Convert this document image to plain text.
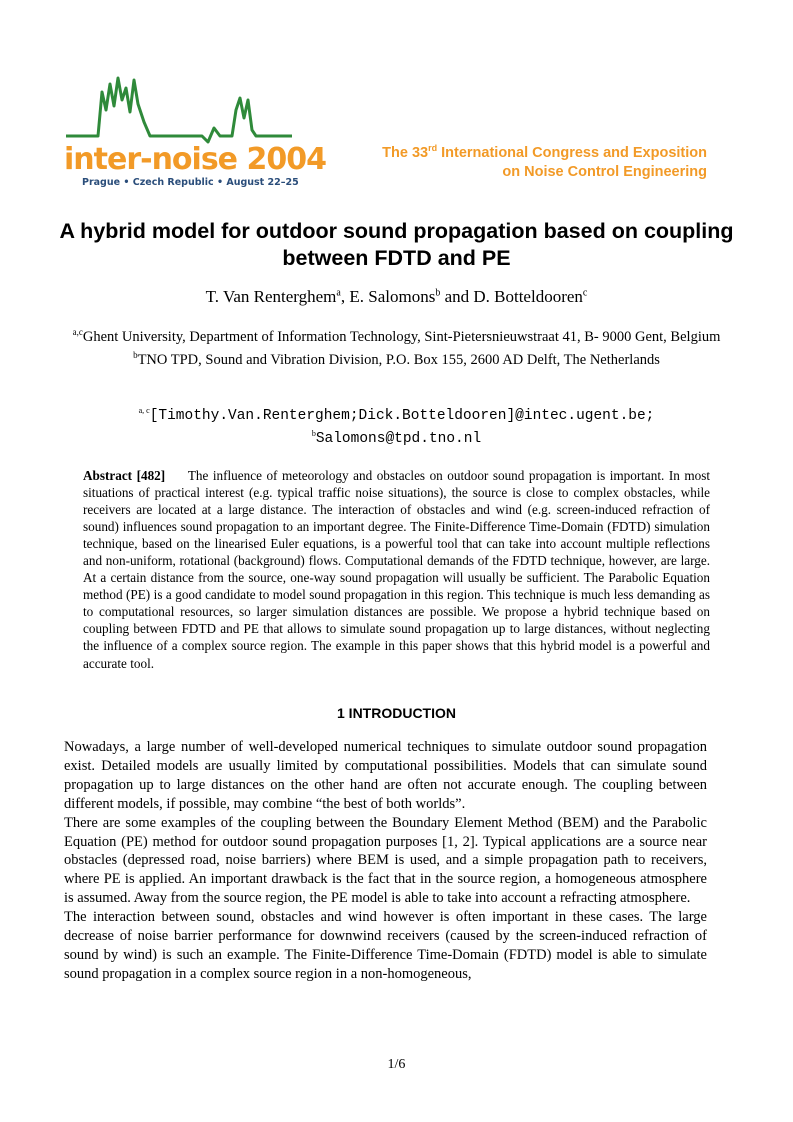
inter-noise 2004
Prague • Czech Republic • August 22–25
The 33rd International Congress and Exposition
on Noise Control Engineering
A hybrid model for outdoor sound propagation based on coupling between FDTD and PE
T. Van Renterghem$^a$, E. Salomons$^b$ and D. Botteldooren$^c$
$^{a,c}$Ghent University, Department of Information Technology, Sint-Pietersnieuwstraat 41, B- 9000 Gent, Belgium
$^b$TNO TPD, Sound and Vibration Division, P.O. Box 155, 2600 AD Delft, The Netherlands
$^{a, c}$[Timothy.Van.Renterghem;Dick.Botteldooren]@intec.ugent.be;
$^b$Salomons@tpd.tno.nl
Abstract [482] The influence of meteorology and obstacles on outdoor sound propagation is important. In most situations of practical interest (e.g. typical traffic noise situations), the source is close to complex obstacles, while receivers are located at a large distance. The interaction of obstacles and wind (e.g. screen-induced refraction of sound) influences sound propagation to an important degree. The Finite-Difference Time-Domain (FDTD) simulation technique, based on the linearised Euler equations, is a powerful tool that can take into account multiple reflections and non-uniform, rotational (background) flows. Computational demands of the FDTD technique, however, are large. At a certain distance from the source, one-way sound propagation will usually be sufficient. The Parabolic Equation method (PE) is a good candidate to model sound propagation in this region. This technique is much less demanding as to computational resources, so larger simulation distances are possible. We propose a hybrid technique based on coupling between FDTD and PE that allows to simulate sound propagation up to large distances, without neglecting the influence of a complex source region. The example in this paper shows that this hybrid model is a powerful and accurate tool.
1 INTRODUCTION

Nowadays, a large number of well-developed numerical techniques to simulate outdoor sound propagation exist. Detailed models are usually limited by computational possibilities. Models that can simulate sound propagation up to large distances on the other hand are often not accurate enough. The coupling between different models, if possible, may combine “the best of both worlds”.

There are some examples of the coupling between the Boundary Element Method (BEM) and the Parabolic Equation (PE) method for outdoor sound propagation purposes [1, 2]. Typical applications are a source near obstacles (depressed road, noise barriers) where BEM is used, and a simple propagation path to receivers, where PE is applied. An important drawback is the fact that in the source region, a homogeneous atmosphere is assumed. Away from the source region, the PE model is able to take into account a refracting atmosphere.

The interaction between sound, obstacles and wind however is often important in these cases. The large decrease of noise barrier performance for downwind receivers (caused by the screen-induced refraction of sound by wind) is such an example. The Finite-Difference Time-Domain (FDTD) model is able to simulate sound propagation in a complex source region in a non-homogeneous,

1/6
